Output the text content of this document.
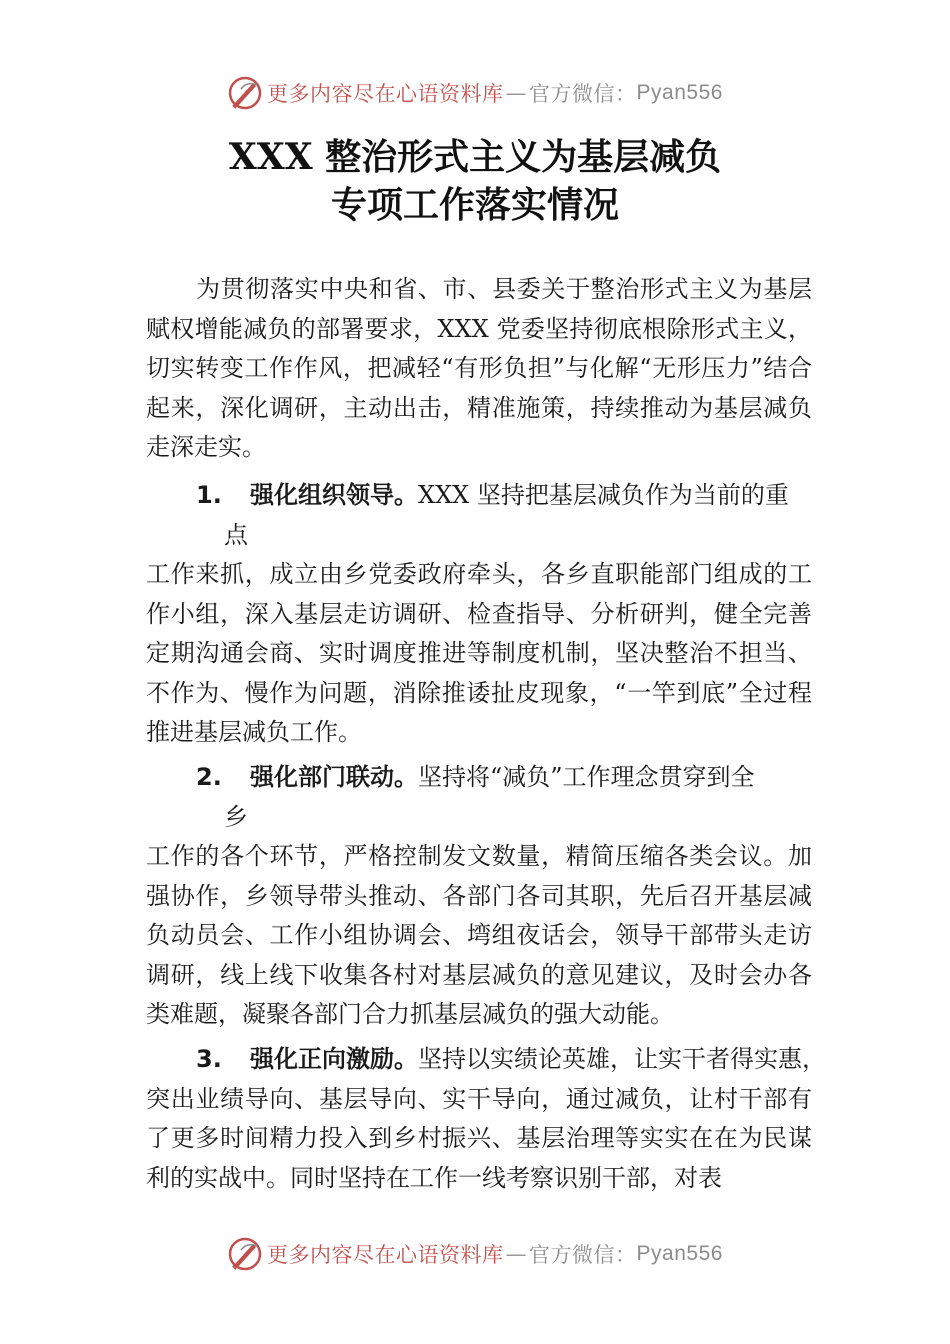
更多内容尽在心语资料库 — 官方微信： Pyan556
XXX 整治形式主义为基层减负
专项工作落实情况

为贯彻落实中央和省、市、县委关于整治形式主义为基层赋权增能减负的部署要求，XXX 党委坚持彻底根除形式主义，切实转变工作作风，把减轻“有形负担”与化解“无形压力”结合起来，深化调研，主动出击，精准施策，持续推动为基层减负走深走实。

1. 强化组织领导。XXX 坚持把基层减负作为当前的重
点
工作来抓，成立由乡党委政府牵头，各乡直职能部门组成的工作小组，深入基层走访调研、检查指导、分析研判，健全完善定期沟通会商、实时调度推进等制度机制，坚决整治不担当、不作为、慢作为问题，消除推诿扯皮现象，“一竿到底”全过程推进基层减负工作。
2. 强化部门联动。坚持将“减负”工作理念贯穿到全
乡
工作的各个环节，严格控制发文数量，精简压缩各类会议。加强协作，乡领导带头推动、各部门各司其职，先后召开基层减负动员会、工作小组协调会、塆组夜话会，领导干部带头走访调研，线上线下收集各村对基层减负的意见建议，及时会办各类难题，凝聚各部门合力抓基层减负的强大动能。
3. 强化正向激励。坚持以实绩论英雄，让实干者得实惠，
突出业绩导向、基层导向、实干导向，通过减负，让村干部有了更多时间精力投入到乡村振兴、基层治理等实实在在为民谋利的实战中。同时坚持在工作一线考察识别干部，对表
更多内容尽在心语资料库 — 官方微信： Pyan556
